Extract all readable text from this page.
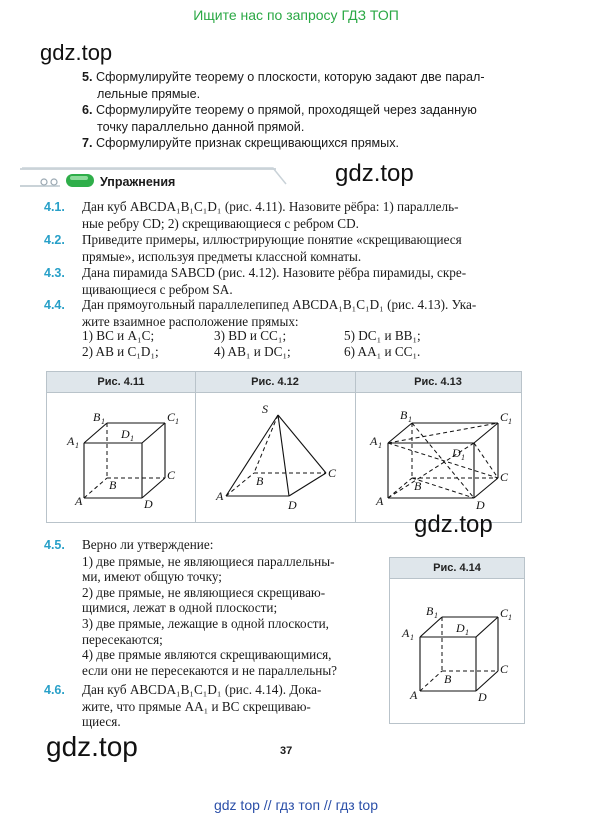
Ищите нас по запросу ГДЗ ТОП
gdz.top
5. Сформулируйте теорему о плоскости, которую задают две парал-
лельные прямые.
6. Сформулируйте теорему о прямой, проходящей через заданную
точку параллельно данной прямой.
7. Сформулируйте признак скрещивающихся прямых.
Упражнения	gdz.top
4.1. Дан куб ABCDA₁B₁C₁D₁ (рис. 4.11). Назовите рёбра: 1) параллель-
ные ребру CD; 2) скрещивающиеся с ребром CD.
4.2. Приведите примеры, иллюстрирующие понятие «скрещивающиеся
прямые», используя предметы классной комнаты.
4.3. Дана пирамида SABCD (рис. 4.12). Назовите рёбра пирамиды, скре-
щивающиеся с ребром SA.
4.4. Дан прямоугольный параллелепипед ABCDA₁B₁C₁D₁ (рис. 4.13). Ука-
жите взаимное расположение прямых:
1) BC и A₁C;	3) BD и CC₁;	5) DC₁ и BB₁;
2) AB и C₁D₁;	4) AB₁ и DC₁;	6) AA₁ и CC₁.
Рис. 4.11	Рис. 4.12	Рис. 4.13
B 1	C 1
D 1
A 1
C
B
A	D
S
B
C
A
D
B 1	C 1
D 1
A 1
C
B
A	D
gdz.top
4.5. Верно ли утверждение:
1) две прямые, не являющиеся параллельны-
ми, имеют общую точку;
2) две прямые, не являющиеся скрещиваю-
щимися, лежат в одной плоскости;
3) две прямые, лежащие в одной плоскости,
пересекаются;
4) две прямые являются скрещивающимися,
если они не пересекаются и не параллельны?
4.6. Дан куб ABCDA₁B₁C₁D₁ (рис. 4.14). Дока-
жите, что прямые AA₁ и BC скрещиваю-
щиеся.
Рис. 4.14
B 1	C 1
D 1
A 1
C
B
A	D
gdz.top	37
gdz top // гдз топ // гдз top
